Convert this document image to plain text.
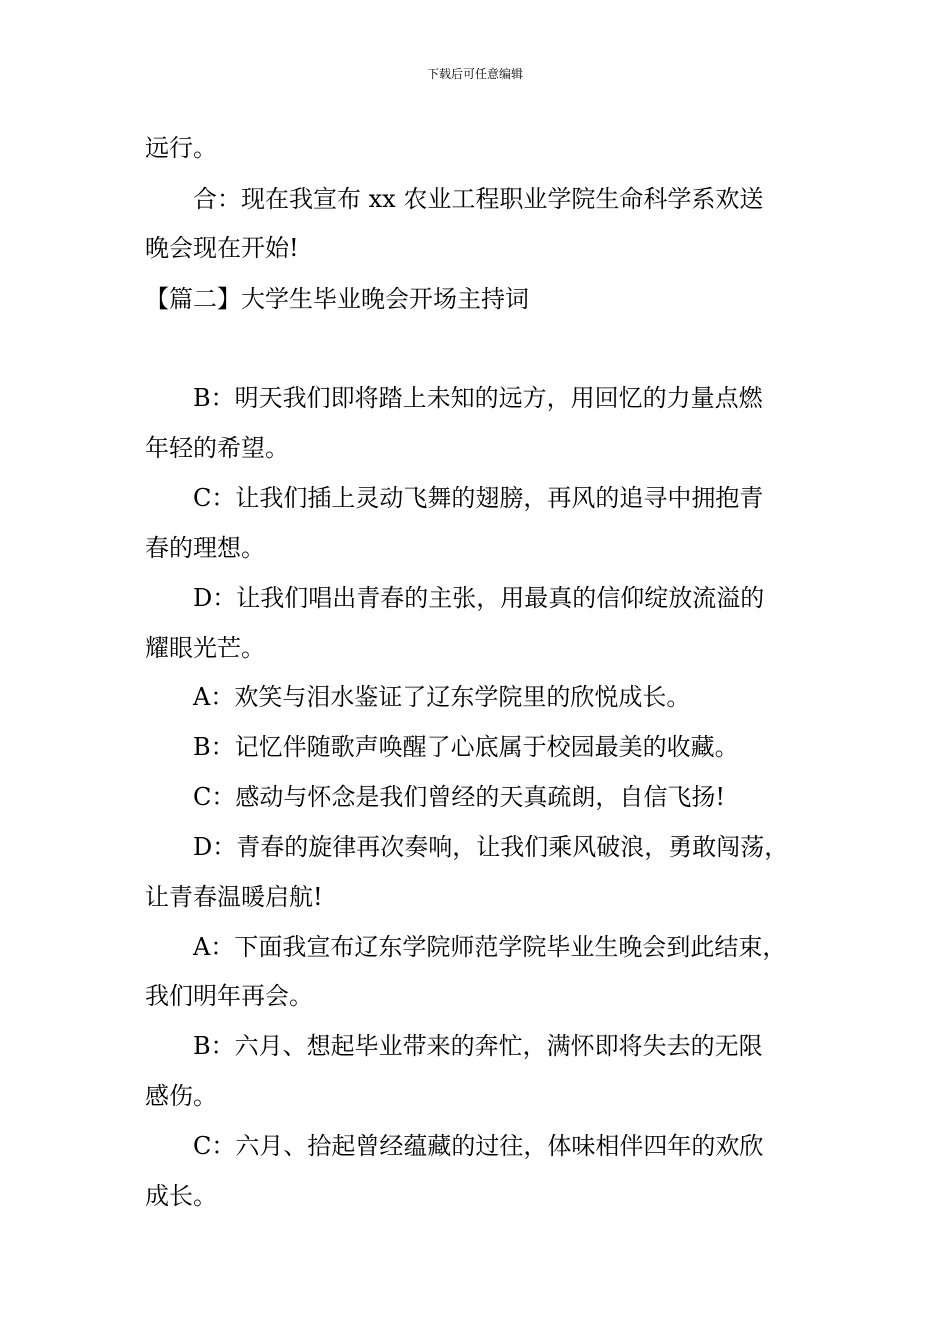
下载后可任意编辑
远行。
合：现在我宣布 xx 农业工程职业学院生命科学系欢送
晚会现在开始!
【篇二】大学生毕业晚会开场主持词
B：明天我们即将踏上未知的远方，用回忆的力量点燃
年轻的希望。
C：让我们插上灵动飞舞的翅膀，再风的追寻中拥抱青
春的理想。
D：让我们唱出青春的主张，用最真的信仰绽放流溢的
耀眼光芒。
A：欢笑与泪水鉴证了辽东学院里的欣悦成长。
B：记忆伴随歌声唤醒了心底属于校园最美的收藏。
C：感动与怀念是我们曾经的天真疏朗，自信飞扬!
D：青春的旋律再次奏响，让我们乘风破浪，勇敢闯荡，
让青春温暖启航!
A：下面我宣布辽东学院师范学院毕业生晚会到此结束，
我们明年再会。
B：六月、想起毕业带来的奔忙，满怀即将失去的无限
感伤。
C：六月、拾起曾经蕴藏的过往，体味相伴四年的欢欣
成长。
